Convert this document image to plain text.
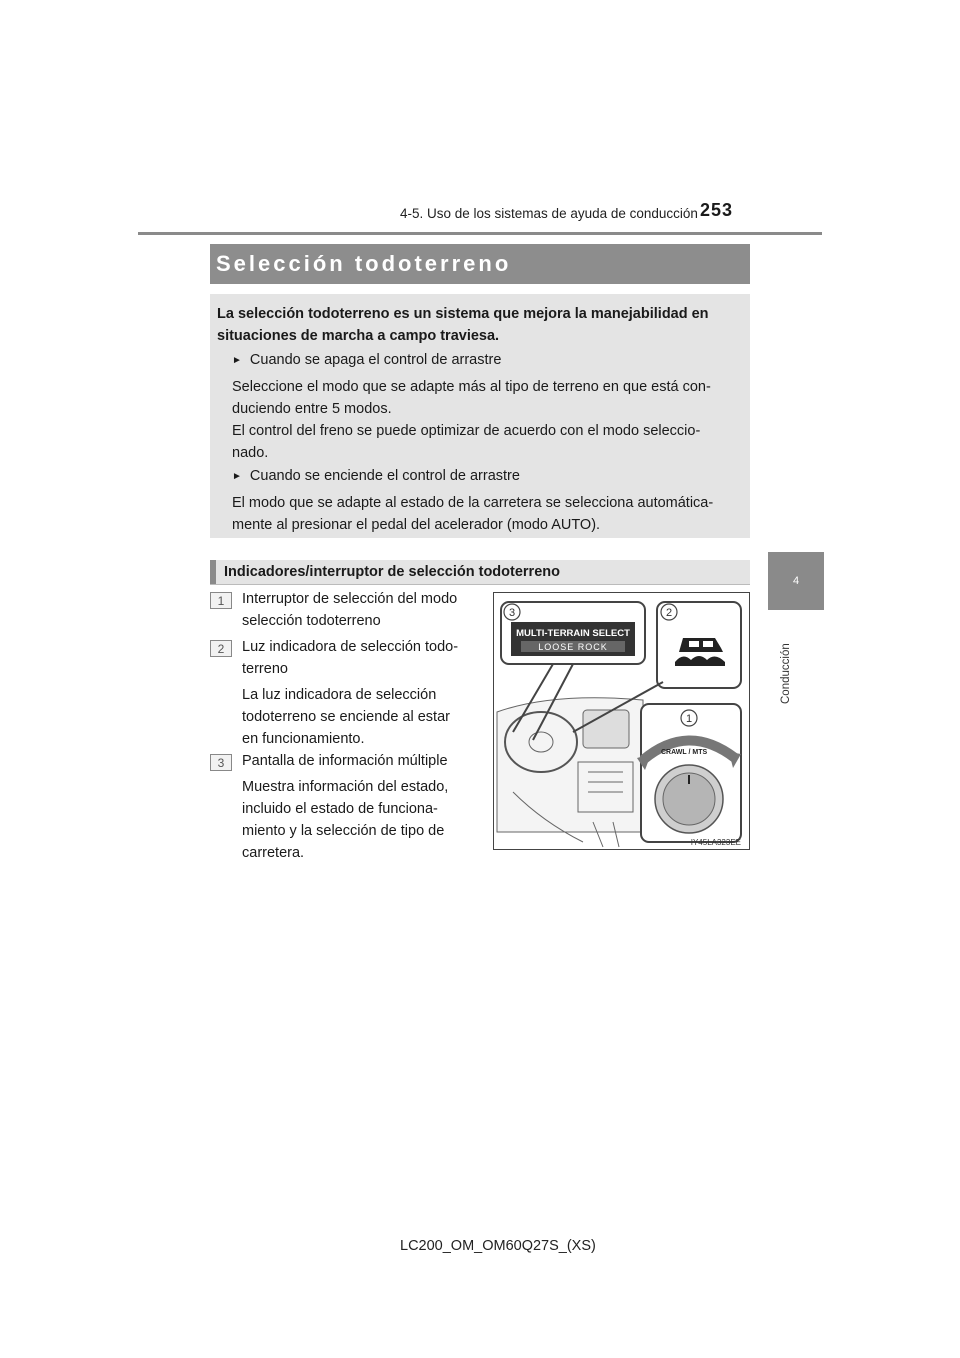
4-5. Uso de los sistemas de ayuda de conducción 253
4
Conducción
Selección todoterreno
La selección todoterreno es un sistema que mejora la manejabilidad en
situaciones de marcha a campo traviesa.
► Cuando se apaga el control de arrastre
Seleccione el modo que se adapte más al tipo de terreno en que está con-
duciendo entre 5 modos.
El control del freno se puede optimizar de acuerdo con el modo seleccio-
nado.
► Cuando se enciende el control de arrastre
El modo que se adapte al estado de la carretera se selecciona automática-
mente al presionar el pedal del acelerador (modo AUTO).
Indicadores/interruptor de selección todoterreno
1	Interruptor de selección del modo
selección todoterreno
2	Luz indicadora de selección todo-
terreno
La luz indicadora de selección
todoterreno se enciende al estar
en funcionamiento.
3	Pantalla de información múltiple
Muestra información del estado,
incluido el estado de funciona-
miento y la selección de tipo de
carretera.
3
MULTI-TERRAIN SELECT
LOOSE ROCK
2
1
CRAWL / MTS
IY45LA323EE
LC200_OM_OM60Q27S_(XS)
